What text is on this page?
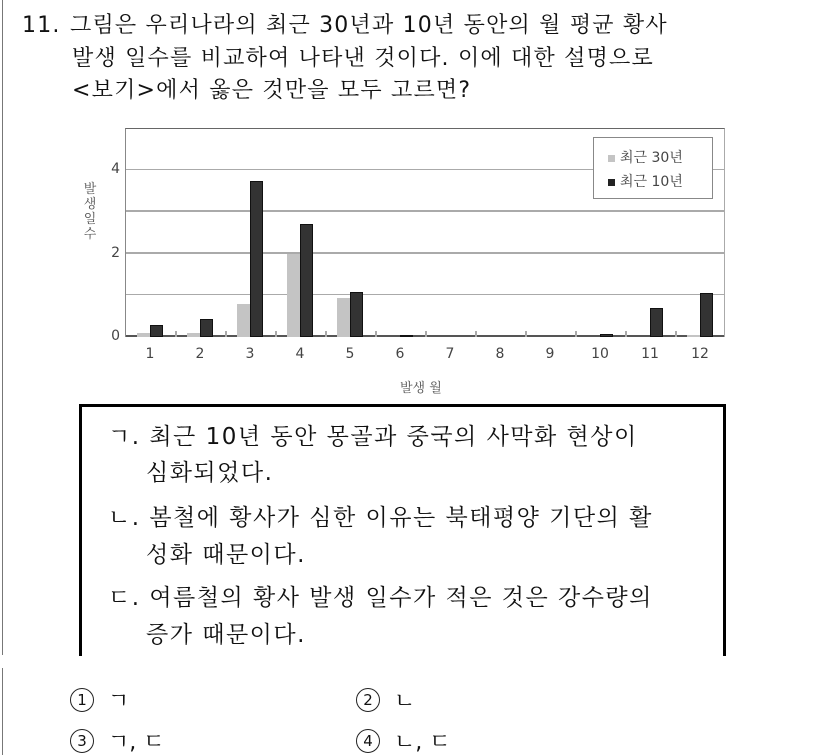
11. 그림은 우리나라의 최근 30년과 10년 동안의 월 평균 황사
발생 일수를 비교하여 나타낸 것이다. 이에 대한 설명으로
<보기>에서 옳은 것만을 모두 고르면?
발
생
일
수
0
2
4
1	2	3	4	5	6	7	8	9	10 11 12
발생 월
최근 30년
최근 10년
ㄱ. 최근 10년 동안 몽골과 중국의 사막화 현상이
심화되었다.
ㄴ. 봄철에 황사가 심한 이유는 북태평양 기단의 활
성화 때문이다.
ㄷ. 여름철의 황사 발생 일수가 적은 것은 강수량의
증가 때문이다.
1 ㄱ	2 ㄴ
3 ㄱ, ㄷ	4 ㄴ, ㄷ
